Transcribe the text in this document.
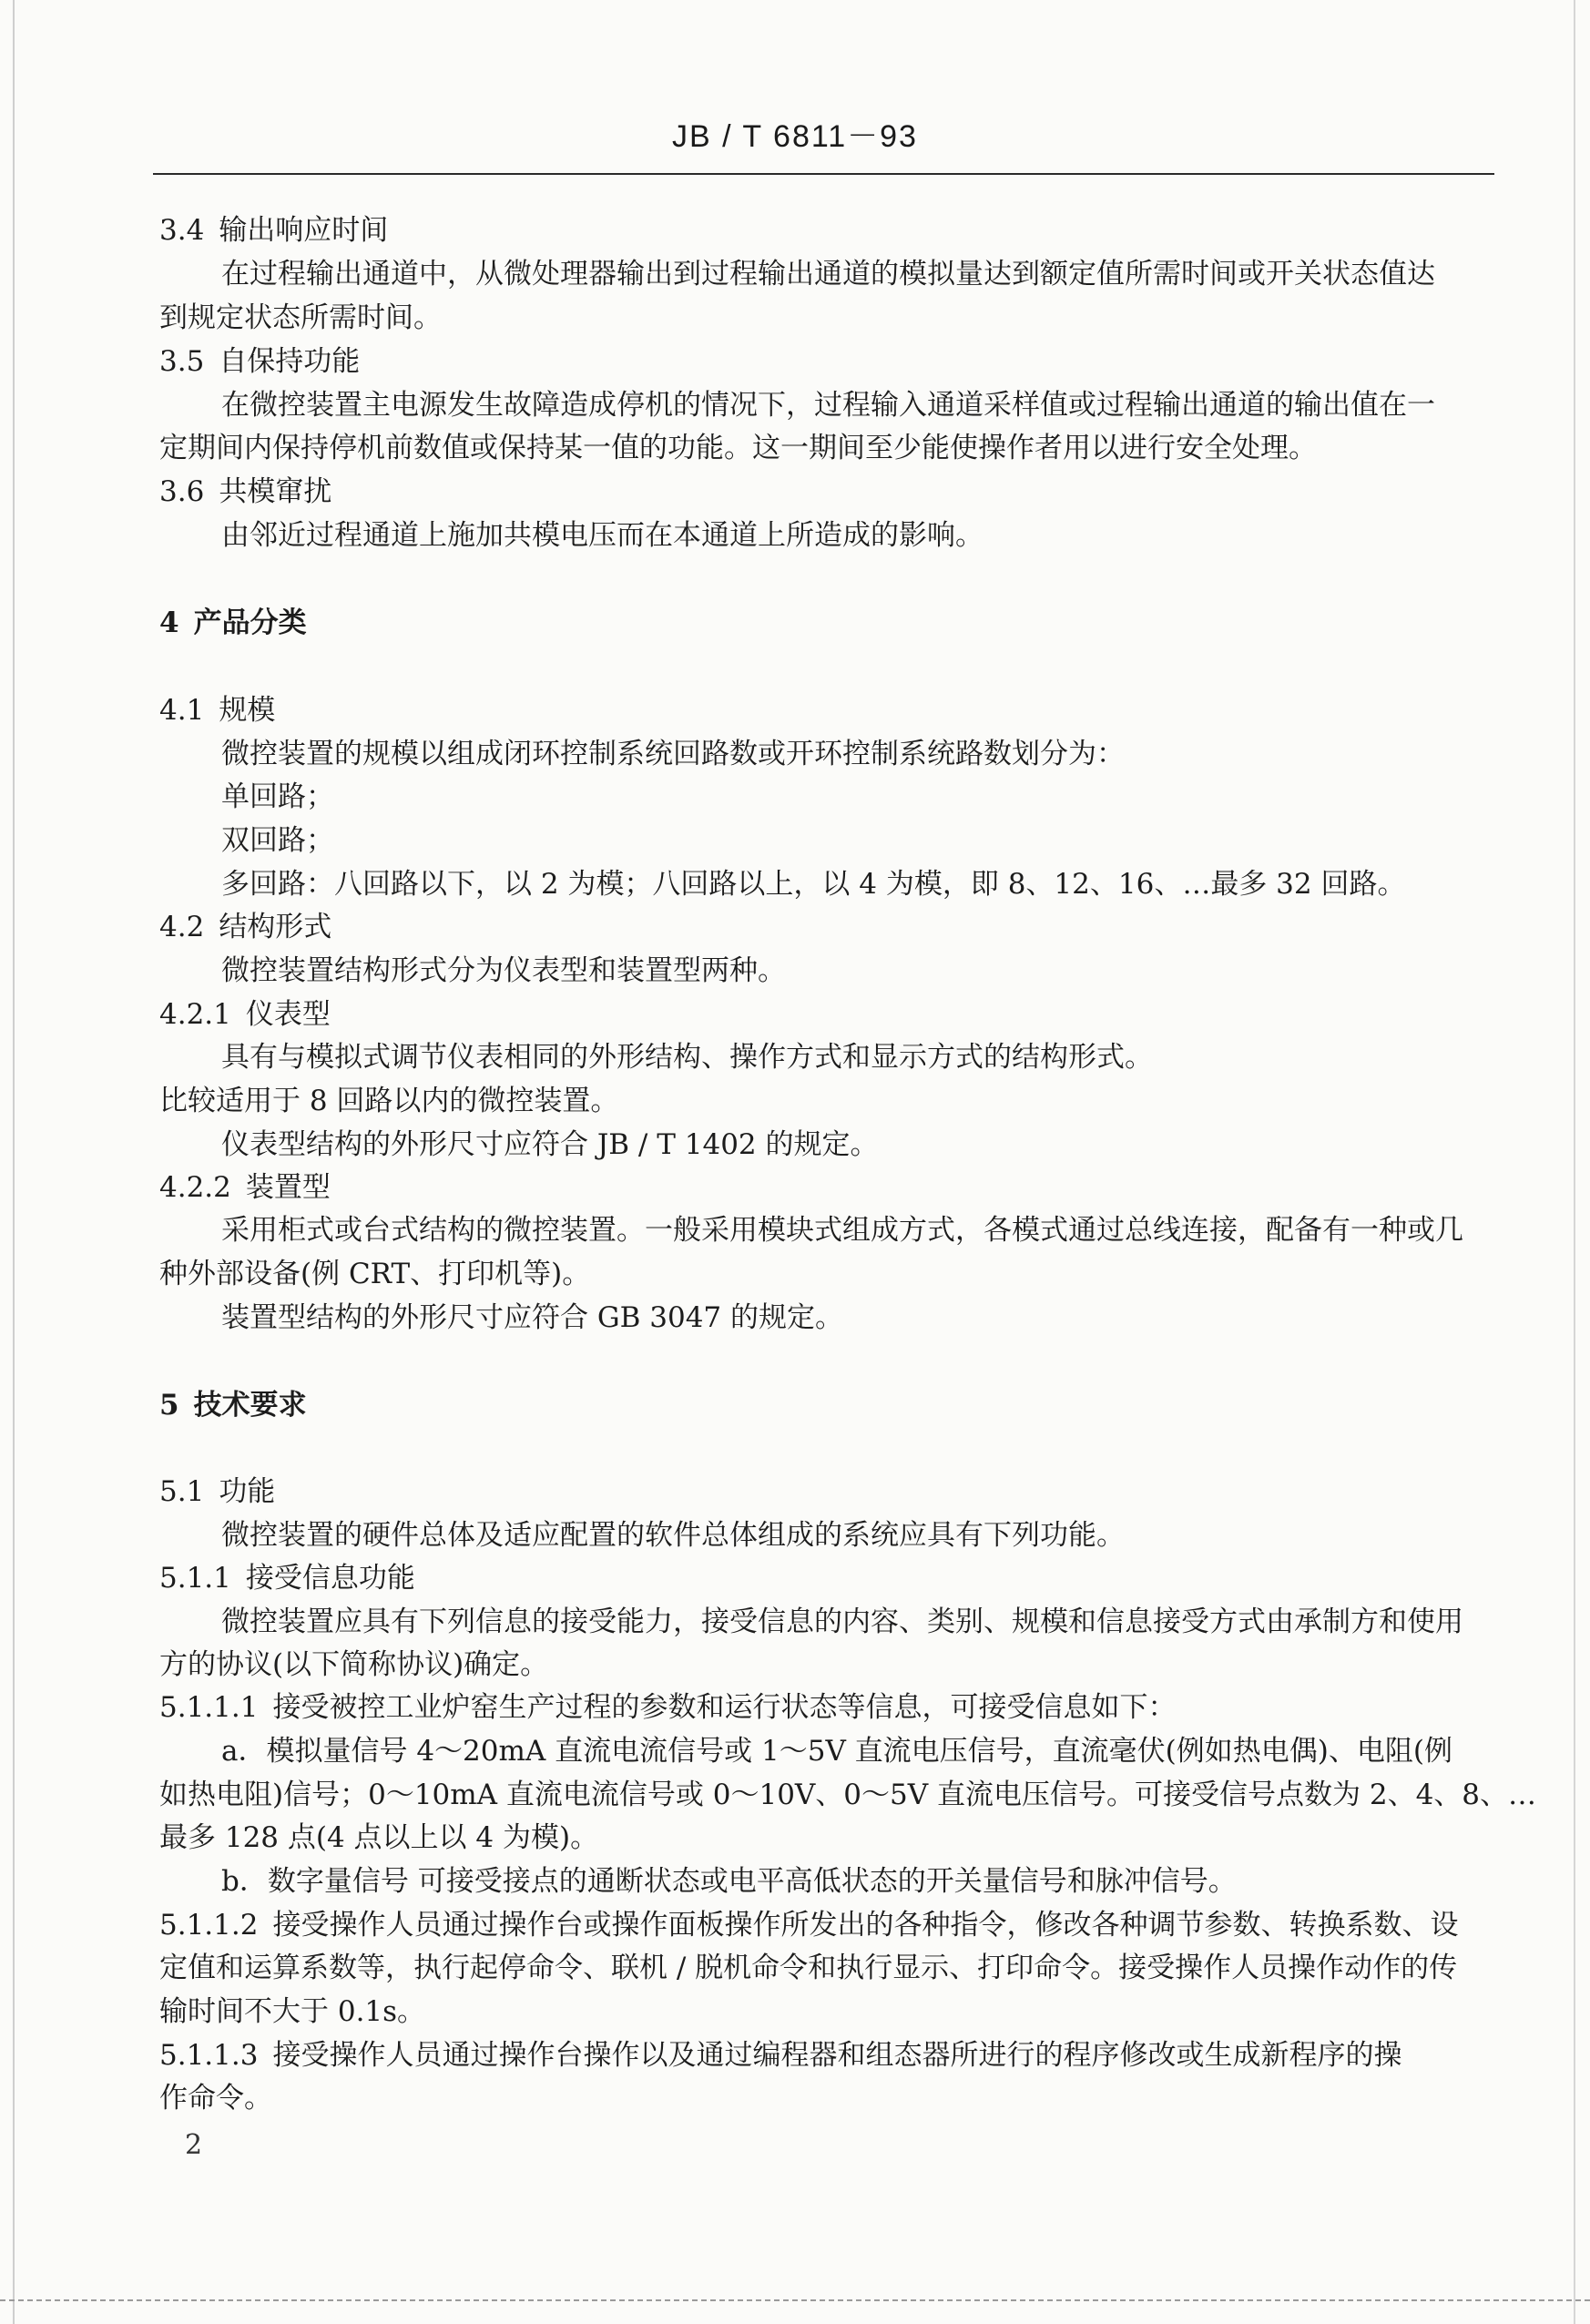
JB / T 6811－93
3.4 输出响应时间
在过程输出通道中，从微处理器输出到过程输出通道的模拟量达到额定值所需时间或开关状态值达
到规定状态所需时间。
3.5 自保持功能
在微控装置主电源发生故障造成停机的情况下，过程输入通道采样值或过程输出通道的输出值在一
定期间内保持停机前数值或保持某一值的功能。这一期间至少能使操作者用以进行安全处理。
3.6 共模窜扰
由邻近过程通道上施加共模电压而在本通道上所造成的影响。
4 产品分类
4.1 规模
微控装置的规模以组成闭环控制系统回路数或开环控制系统路数划分为：
单回路；
双回路；
多回路：八回路以下，以 2 为模；八回路以上，以 4 为模，即 8、12、16、…最多 32 回路。
4.2 结构形式
微控装置结构形式分为仪表型和装置型两种。
4.2.1 仪表型
具有与模拟式调节仪表相同的外形结构、操作方式和显示方式的结构形式。
比较适用于 8 回路以内的微控装置。
仪表型结构的外形尺寸应符合 JB / T 1402 的规定。
4.2.2 装置型
采用柜式或台式结构的微控装置。一般采用模块式组成方式，各模式通过总线连接，配备有一种或几
种外部设备(例 CRT、打印机等)。
装置型结构的外形尺寸应符合 GB 3047 的规定。
5 技术要求
5.1 功能
微控装置的硬件总体及适应配置的软件总体组成的系统应具有下列功能。
5.1.1 接受信息功能
微控装置应具有下列信息的接受能力，接受信息的内容、类别、规模和信息接受方式由承制方和使用
方的协议(以下简称协议)确定。
5.1.1.1 接受被控工业炉窑生产过程的参数和运行状态等信息，可接受信息如下：
a．模拟量信号 4～20mA 直流电流信号或 1～5V 直流电压信号，直流毫伏(例如热电偶)、电阻(例
如热电阻)信号；0～10mA 直流电流信号或 0～10V、0～5V 直流电压信号。可接受信号点数为 2、4、8、…
最多 128 点(4 点以上以 4 为模)。
b．数字量信号 可接受接点的通断状态或电平高低状态的开关量信号和脉冲信号。
5.1.1.2 接受操作人员通过操作台或操作面板操作所发出的各种指令，修改各种调节参数、转换系数、设
定值和运算系数等，执行起停命令、联机 / 脱机命令和执行显示、打印命令。接受操作人员操作动作的传
输时间不大于 0.1s。
5.1.1.3 接受操作人员通过操作台操作以及通过编程器和组态器所进行的程序修改或生成新程序的操
作命令。
2
